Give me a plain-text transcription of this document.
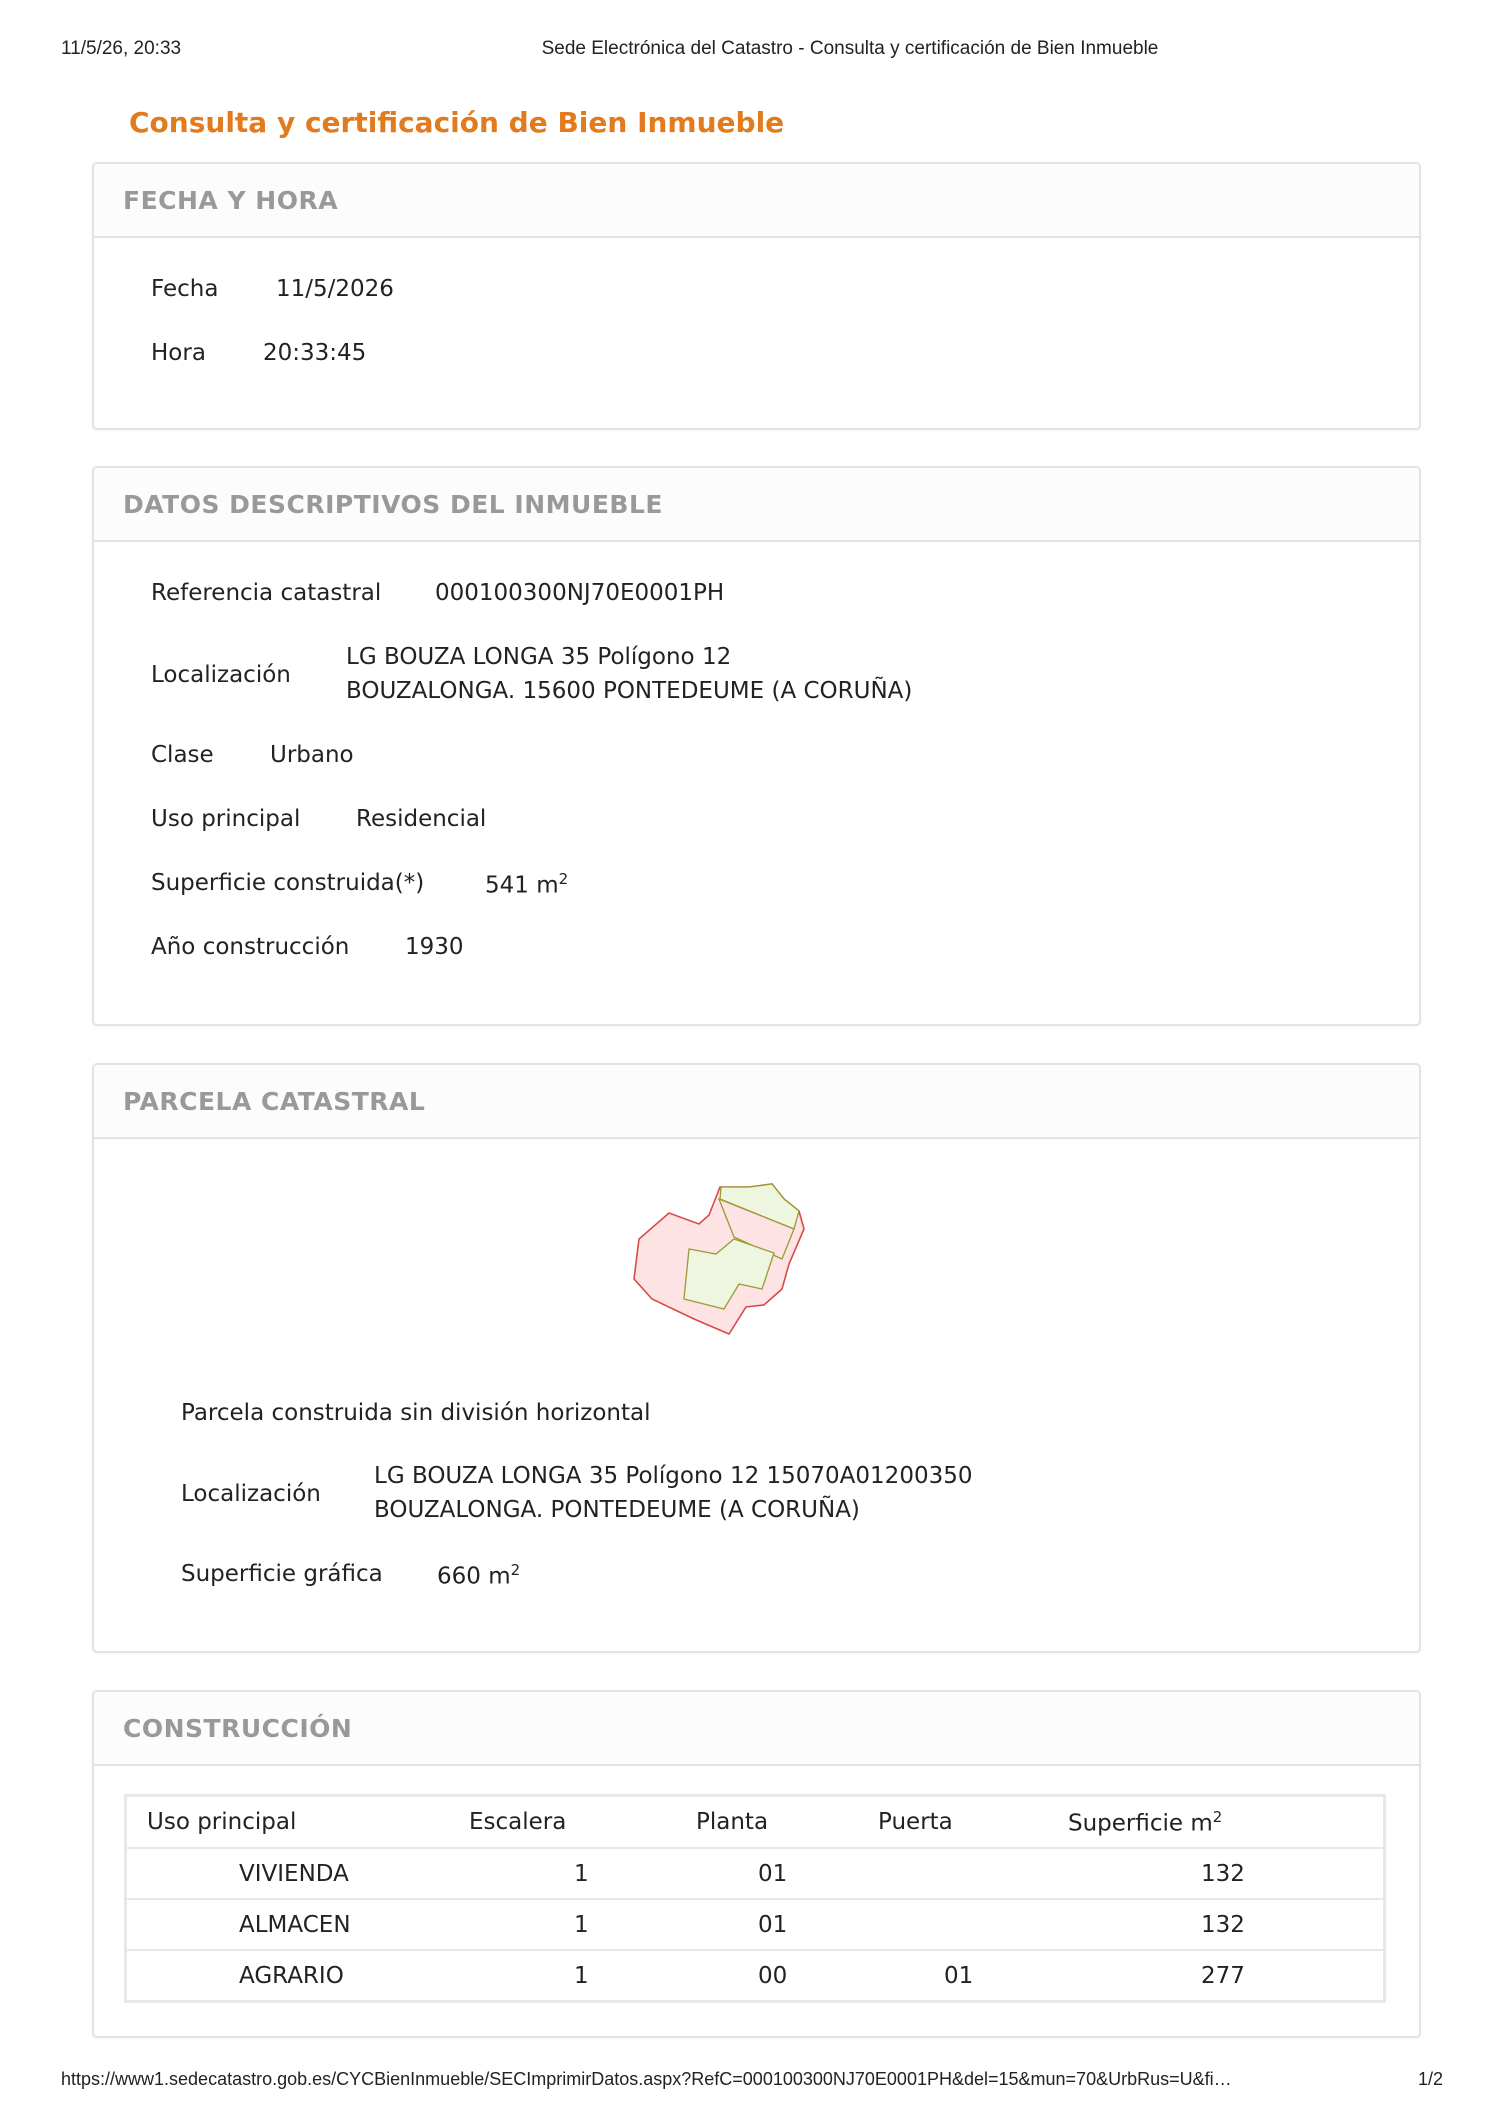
11/5/26, 20:33	Sede Electrónica del Catastro - Consulta y certificación de Bien Inmueble
Consulta y certificación de Bien Inmueble
FECHA Y HORA
Fecha	11/5/2026
Hora 20:33:45
DATOS DESCRIPTIVOS DEL INMUEBLE
Referencia catastral 000100300NJ70E0001PH
Localización
LG BOUZA LONGA 35 Polígono 12
BOUZALONGA. 15600 PONTEDEUME (A CORUÑA)
Clase Urbano
Uso principal Residencial
Superficie construida(*)	541 $m^2$
Año construcción 1930
PARCELA CATASTRAL
Parcela construida sin división horizontal
Localización
LG BOUZA LONGA 35 Polígono 12 15070A01200350
BOUZALONGA. PONTEDEUME (A CORUÑA)
Superficie gráfica 660 $m^2$
CONSTRUCCIÓN
Uso principal	Escalera	Planta	Puerta	Superficie $m^2$
VIVIENDA	1	01		132
ALMACEN	1	01		132
AGRARIO	1	00	01	277
https://www1.sedecatastro.gob.es/CYCBienInmueble/SECImprimirDatos.aspx?RefC=000100300NJ70E0001PH&del=15&mun=70&UrbRus=U&fi…	1/2
